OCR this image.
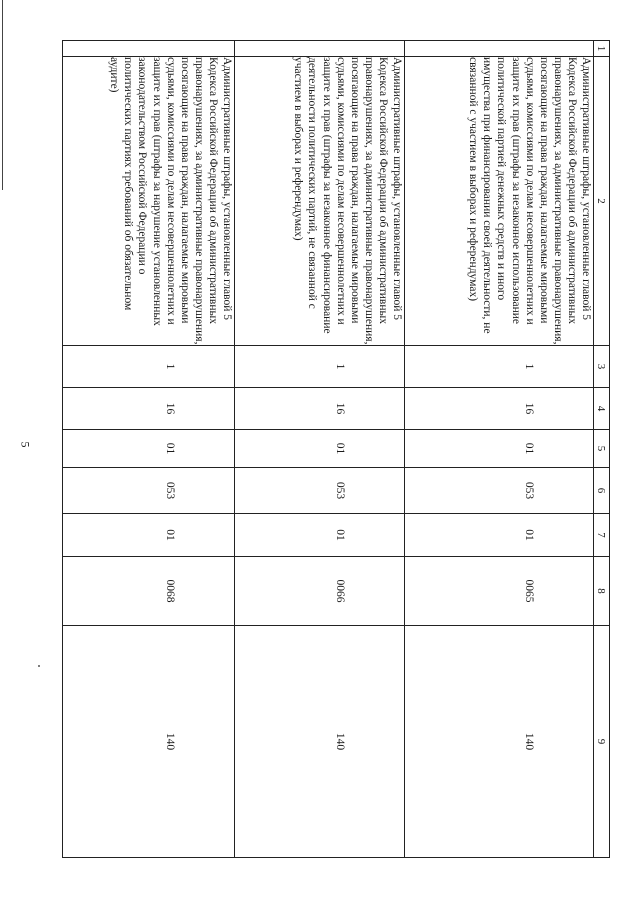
5
1	2	3	4	5	6	7	8	9
	Административные штрафы, установленные главой 5 Кодекса Российской Федерации об административных правонарушениях, за административные правонарушения, посягающие на права граждан, налагаемые мировыми судьями, комиссиями по делам несовершеннолетних и защите их прав (штрафы за незаконное использование политической партией денежных средств и иного имущества при финансировании своей деятельности, не связанной с участием в выборах и референдумах)	1	16	01	053	01	0065	140

	Административные штрафы, установленные главой 5 Кодекса Российской Федерации об административных правонарушениях, за административные правонарушения, посягающие на права граждан, налагаемые мировыми судьями, комиссиями по делам несовершеннолетних и защите их прав (штрафы за незаконное финансирование деятельности политических партий, не связанной с участием в выборах и референдумах)	1	16	01	053	01	0066	140

	Административные штрафы, установленные главой 5 Кодекса Российской Федерации об административных правонарушениях, за административные правонарушения, посягающие на права граждан, налагаемые мировыми судьями, комиссиями по делам несовершеннолетних и защите их прав (штрафы за нарушение установленных законодательством Российской Федерации о политических партиях требований об обязательном аудите)	1	16	01	053	01	0068	140
